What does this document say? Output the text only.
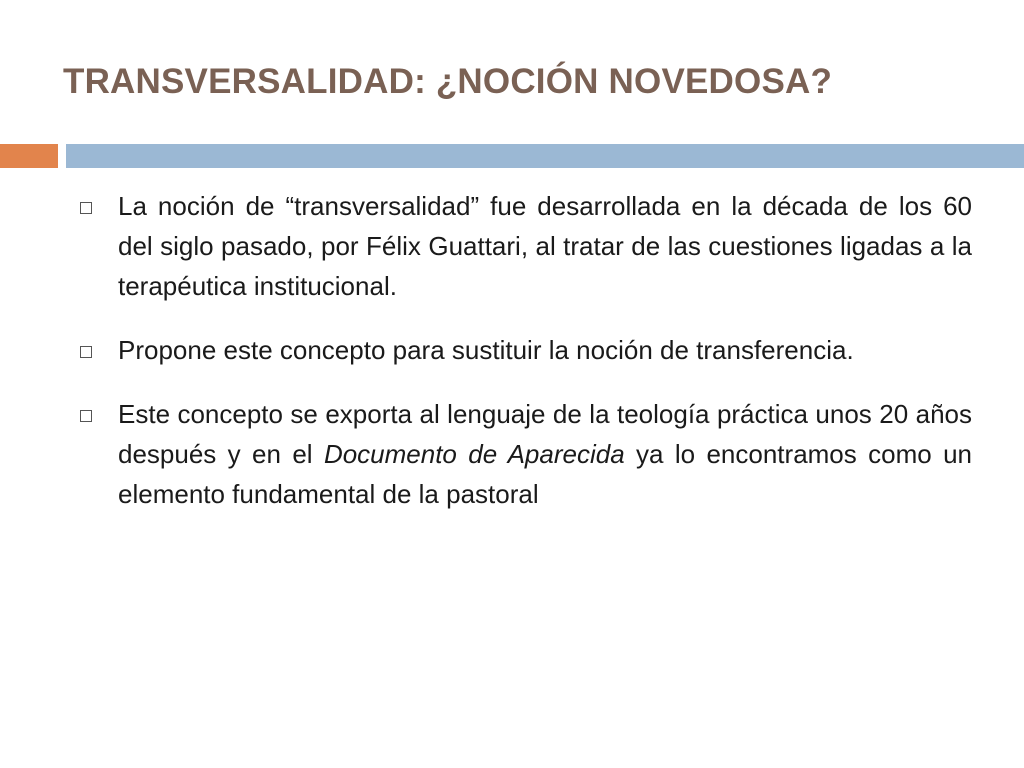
TRANSVERSALIDAD: ¿NOCIÓN NOVEDOSA?
La noción de “transversalidad” fue desarrollada en la década de los 60 del siglo pasado, por Félix Guattari, al tratar de las cuestiones ligadas a la terapéutica institucional.
Propone este concepto para sustituir la noción de transferencia.
Este concepto se exporta al lenguaje de la teología práctica unos 20 años después y en el Documento de Aparecida ya lo encontramos como un elemento fundamental de la pastoral
